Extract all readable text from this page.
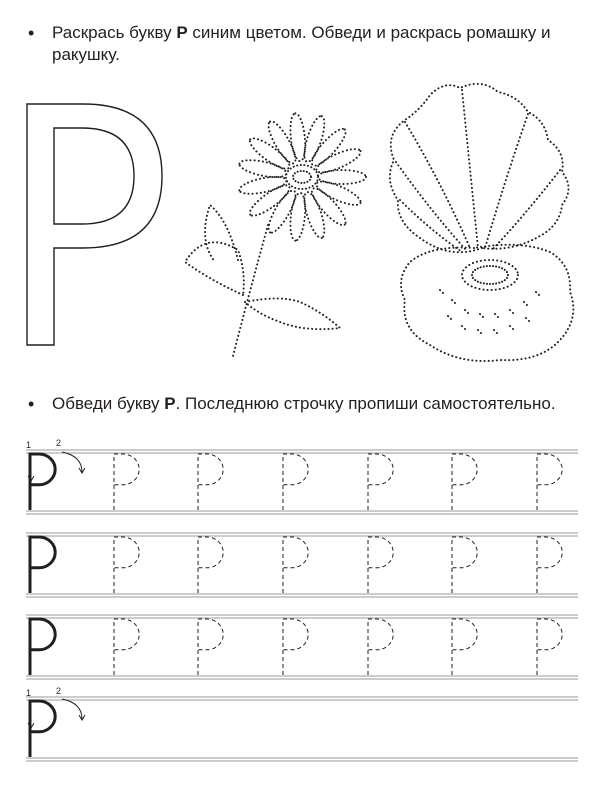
•	Раскрась букву Р синим цветом. Обведи и раскрась ромашку и ракушку.
•	Обведи букву Р. Последнюю строчку пропиши самостоятельно.
1	2
1	2
